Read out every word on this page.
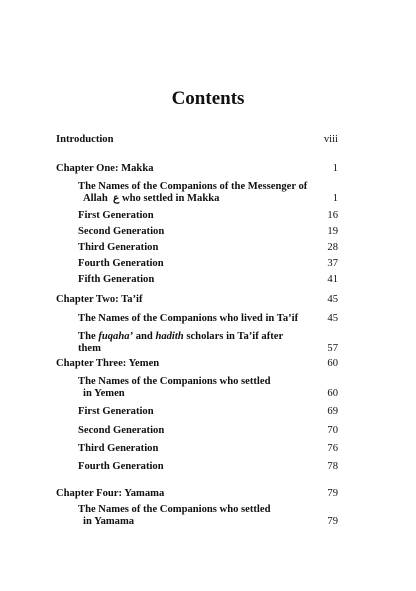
Contents
Introduction	viii
Chapter One: Makka	1
The Names of the Companions of the Messenger of
Allah  ع who settled in Makka	1
First Generation	16
Second Generation	19
Third Generation	28
Fourth Generation	37
Fifth Generation	41
Chapter Two: Ta’if	45
The Names of the Companions who lived in Ta’if	45
The fuqaha’ and hadith scholars in Ta’if after them	57
Chapter Three: Yemen	60
The Names of the Companions who settled
in Yemen	60
First Generation	69
Second Generation	70
Third Generation	76
Fourth Generation	78
Chapter Four: Yamama	79
The Names of the Companions who settled
in Yamama	79
